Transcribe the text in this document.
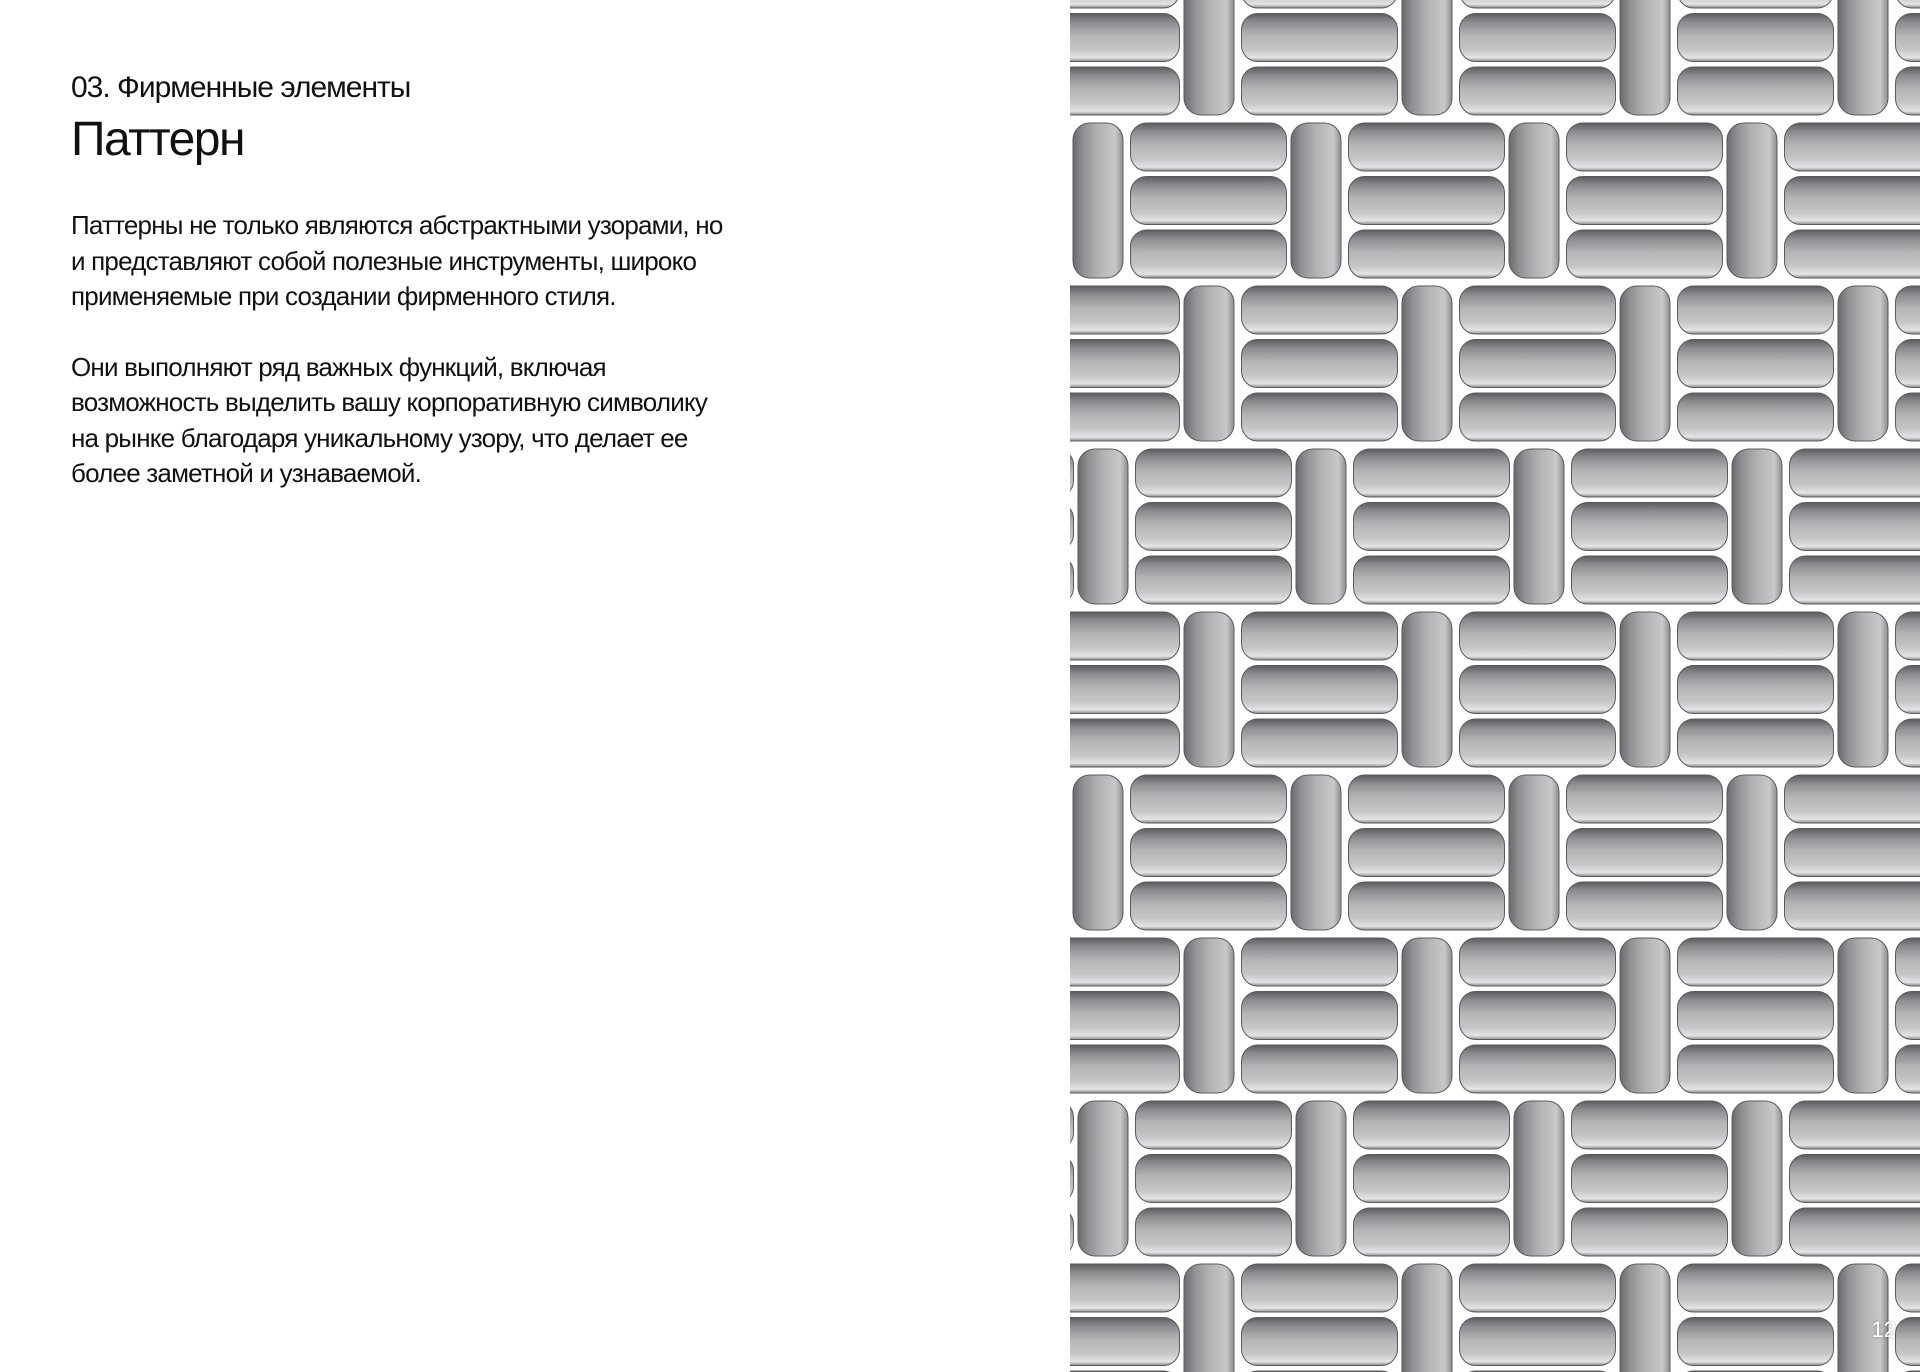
03. Фирменные элементы
Паттерн

Паттерны не только являются абстрактными узорами, но и представляют собой полезные инструменты, широко применяемые при создании фирменного стиля.

Они выполняют ряд важных функций, включая возможность выделить вашу корпоративную символику на рынке благодаря уникальному узору, что делает ее более заметной и узнаваемой.

12
